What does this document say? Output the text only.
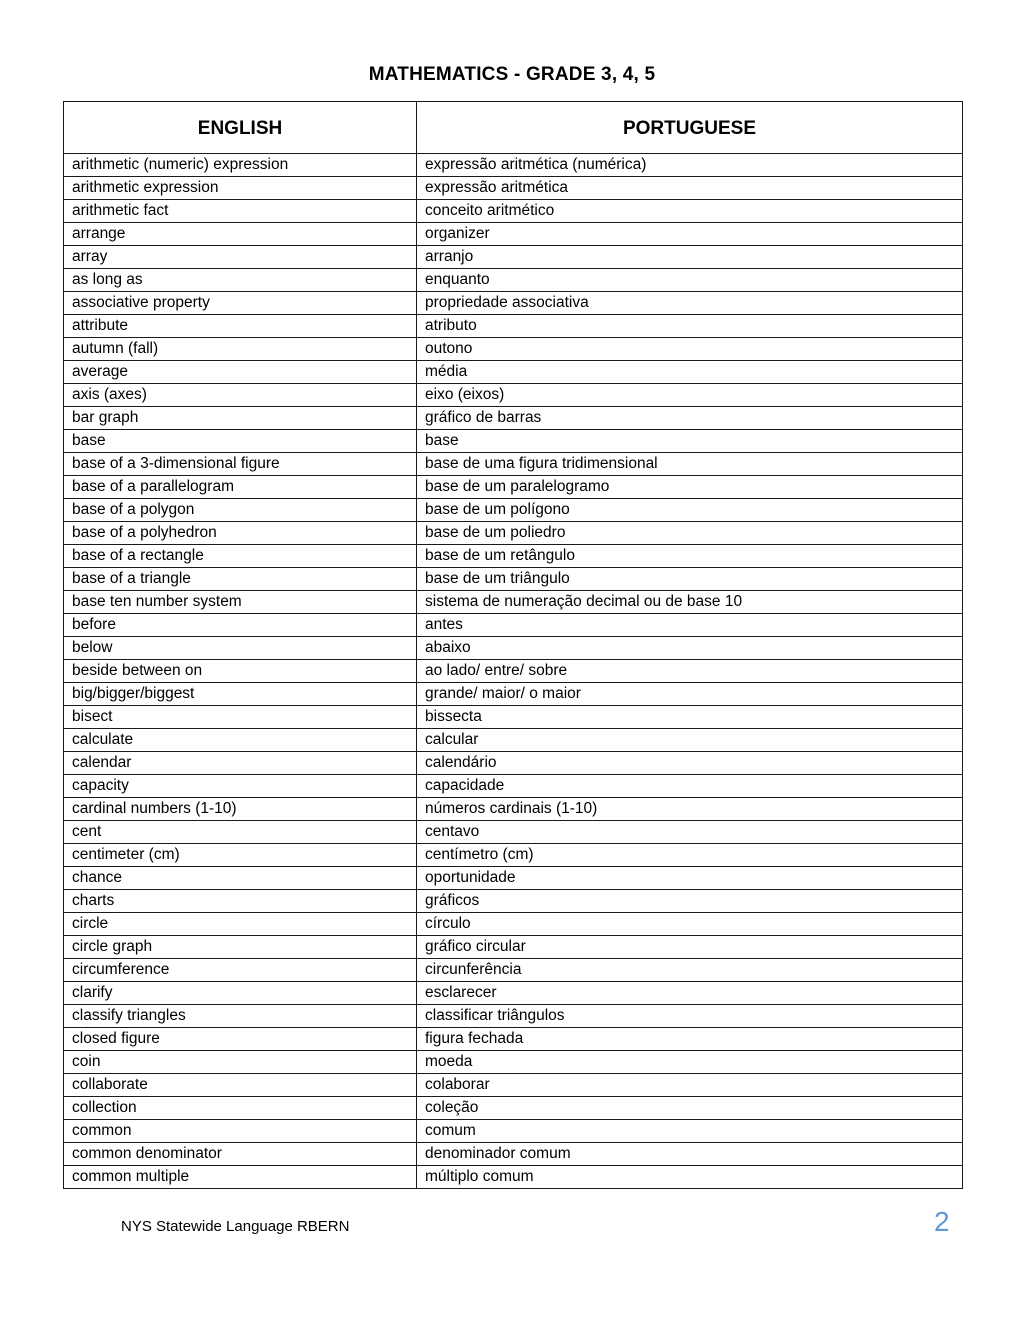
MATHEMATICS - GRADE 3, 4, 5
ENGLISH	PORTUGUESE
arithmetic (numeric) expression	expressão aritmética (numérica)
arithmetic expression	expressão aritmética
arithmetic fact	conceito aritmético
arrange	organizer
array	arranjo
as long as	enquanto
associative property	propriedade associativa
attribute	atributo
autumn (fall)	outono
average	média
axis (axes)	eixo (eixos)
bar graph	gráfico de barras
base	base
base of a 3-dimensional figure	base de uma figura tridimensional
base of a parallelogram	base de um paralelogramo
base of a polygon	base de um polígono
base of a polyhedron	base de um poliedro
base of a rectangle	base de um retângulo
base of a triangle	base de um triângulo
base ten number system	sistema de numeração decimal ou de base 10
before	antes
below	abaixo
beside between on	ao lado/ entre/ sobre
big/bigger/biggest	grande/ maior/ o maior
bisect	bissecta
calculate	calcular
calendar	calendário
capacity	capacidade
cardinal numbers (1-10)	números cardinais (1-10)
cent	centavo
centimeter (cm)	centímetro (cm)
chance	oportunidade
charts	gráficos
circle	círculo
circle graph	gráfico circular
circumference	circunferência
clarify	esclarecer
classify triangles	classificar triângulos
closed figure	figura fechada
coin	moeda
collaborate	colaborar
collection	coleção
common	comum
common denominator	denominador comum
common multiple	múltiplo comum
NYS Statewide Language RBERN	2
